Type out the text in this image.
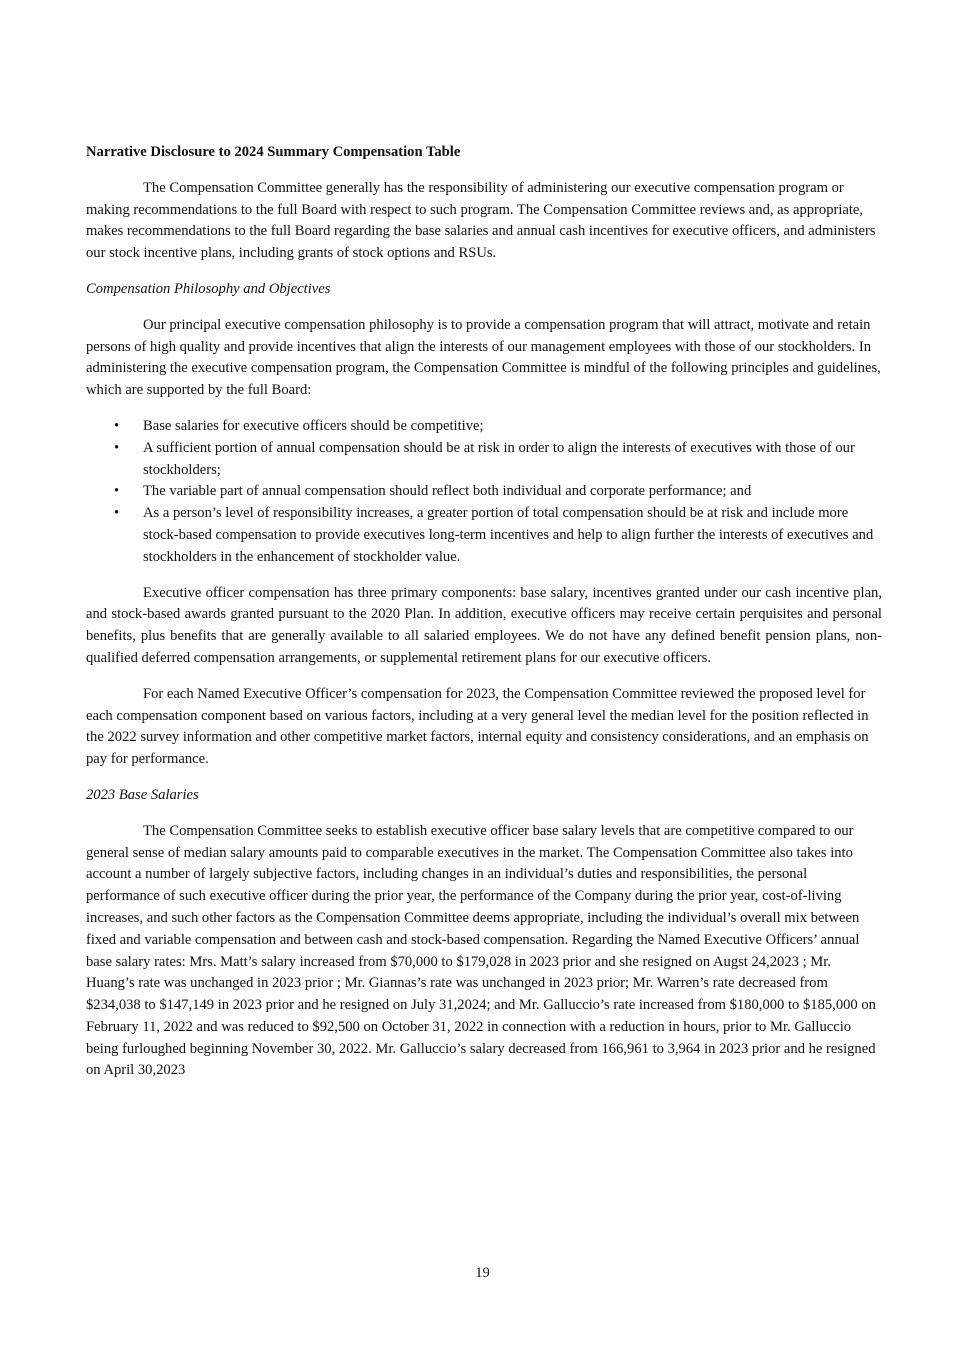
Narrative Disclosure to 2024 Summary Compensation Table

The Compensation Committee generally has the responsibility of administering our executive compensation program or making recommendations to the full Board with respect to such program. The Compensation Committee reviews and, as appropriate, makes recommendations to the full Board regarding the base salaries and annual cash incentives for executive officers, and administers our stock incentive plans, including grants of stock options and RSUs.

Compensation Philosophy and Objectives

Our principal executive compensation philosophy is to provide a compensation program that will attract, motivate and retain persons of high quality and provide incentives that align the interests of our management employees with those of our stockholders. In administering the executive compensation program, the Compensation Committee is mindful of the following principles and guidelines, which are supported by the full Board:

• Base salaries for executive officers should be competitive;
• A sufficient portion of annual compensation should be at risk in order to align the interests of executives with those of our stockholders;
• The variable part of annual compensation should reflect both individual and corporate performance; and
• As a person’s level of responsibility increases, a greater portion of total compensation should be at risk and include more stock-based compensation to provide executives long-term incentives and help to align further the interests of executives and stockholders in the enhancement of stockholder value.

Executive officer compensation has three primary components: base salary, incentives granted under our cash incentive plan, and stock-based awards granted pursuant to the 2020 Plan. In addition, executive officers may receive certain perquisites and personal benefits, plus benefits that are generally available to all salaried employees. We do not have any defined benefit pension plans, non-qualified deferred compensation arrangements, or supplemental retirement plans for our executive officers.

For each Named Executive Officer’s compensation for 2023, the Compensation Committee reviewed the proposed level for each compensation component based on various factors, including at a very general level the median level for the position reflected in the 2022 survey information and other competitive market factors, internal equity and consistency considerations, and an emphasis on pay for performance.

2023 Base Salaries

The Compensation Committee seeks to establish executive officer base salary levels that are competitive compared to our general sense of median salary amounts paid to comparable executives in the market. The Compensation Committee also takes into account a number of largely subjective factors, including changes in an individual’s duties and responsibilities, the personal performance of such executive officer during the prior year, the performance of the Company during the prior year, cost-of-living increases, and such other factors as the Compensation Committee deems appropriate, including the individual’s overall mix between fixed and variable compensation and between cash and stock-based compensation. Regarding the Named Executive Officers’ annual base salary rates: Mrs. Matt’s salary increased from $70,000 to $179,028 in 2023 prior and she resigned on Augst 24,2023 ; Mr. Huang’s rate was unchanged in 2023 prior ; Mr. Giannas’s rate was unchanged in 2023 prior; Mr. Warren’s rate decreased from $234,038 to $147,149 in 2023 prior and he resigned on July 31,2024; and Mr. Galluccio’s rate increased from $180,000 to $185,000 on February 11, 2022 and was reduced to $92,500 on October 31, 2022 in connection with a reduction in hours, prior to Mr. Galluccio being furloughed beginning November 30, 2022. Mr. Galluccio’s salary decreased from 166,961 to 3,964 in 2023 prior and he resigned on April 30,2023

19
